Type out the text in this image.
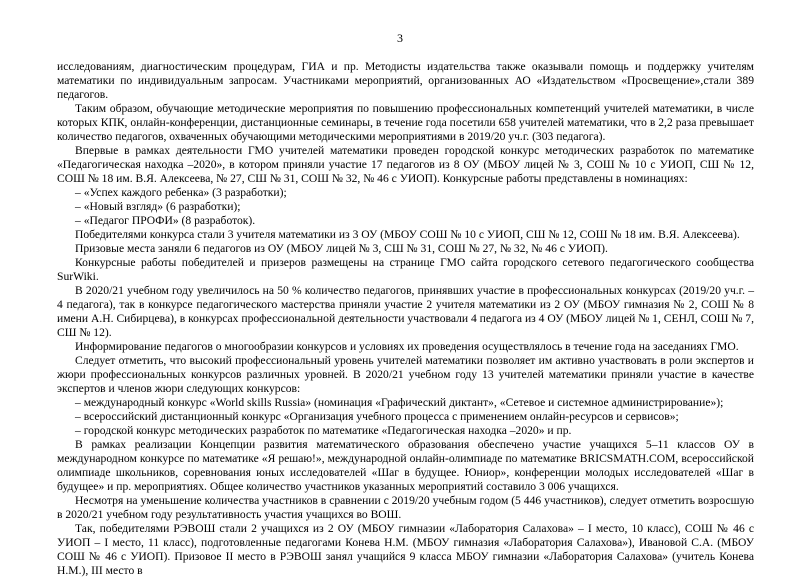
3

исследованиям, диагностическим процедурам, ГИА и пр. Методисты издательства также оказывали помощь и поддержку учителям математики по индивидуальным запросам. Участниками мероприятий, организованных АО «Издательством «Просвещение»,стали 389 педагогов.

Таким образом, обучающие методические мероприятия по повышению профессиональных компетенций учителей математики, в числе которых КПК, онлайн-конференции, дистанционные семинары, в течение года посетили 658 учителей математики, что в 2,2 раза превышает количество педагогов, охваченных обучающими методическими мероприятиями в 2019/20 уч.г. (303 педагога).

Впервые в рамках деятельности ГМО учителей математики проведен городской конкурс методических разработок по математике «Педагогическая находка –2020», в котором приняли участие 17 педагогов из 8 ОУ (МБОУ лицей № 3, СОШ № 10 с УИОП, СШ № 12, СОШ № 18 им. В.Я. Алексеева, № 27, СШ № 31, СОШ № 32, № 46 с УИОП). Конкурсные работы представлены в номинациях:

– «Успех каждого ребенка» (3 разработки);

– «Новый взгляд» (6 разработки);

– «Педагог ПРОФИ» (8 разработок).

Победителями конкурса стали 3 учителя математики из 3 ОУ (МБОУ СОШ № 10 с УИОП, СШ № 12, СОШ № 18 им. В.Я. Алексеева).

Призовые места заняли 6 педагогов из ОУ (МБОУ лицей № 3, СШ № 31, СОШ № 27, № 32, № 46 с УИОП).

Конкурсные работы победителей и призеров размещены на странице ГМО сайта городского сетевого педагогического сообщества SurWiki.

В 2020/21 учебном году увеличилось на 50 % количество педагогов, принявших участие в профессиональных конкурсах (2019/20 уч.г. – 4 педагога), так в конкурсе педагогического мастерства приняли участие 2 учителя математики из 2 ОУ (МБОУ гимназия № 2, СОШ № 8 имени А.Н. Сибирцева), в конкурсах профессиональной деятельности участвовали 4 педагога из 4 ОУ (МБОУ лицей № 1, СЕНЛ, СОШ № 7, СШ № 12).

Информирование педагогов о многообразии конкурсов и условиях их проведения осуществлялось в течение года на заседаниях ГМО.

Следует отметить, что высокий профессиональный уровень учителей математики позволяет им активно участвовать в роли экспертов и жюри профессиональных конкурсов различных уровней. В 2020/21 учебном году 13 учителей математики приняли участие в качестве экспертов и членов жюри следующих конкурсов:

– международный конкурс «World skills Russia» (номинация «Графический диктант», «Сетевое и системное администрирование»);

– всероссийский дистанционный конкурс «Организация учебного процесса с применением онлайн-ресурсов и сервисов»;

– городской конкурс методических разработок по математике «Педагогическая находка –2020» и пр.

В рамках реализации Концепции развития математического образования обеспечено участие учащихся 5–11 классов ОУ в международном конкурсе по математике «Я решаю!», международной онлайн-олимпиаде по математике BRICSMATH.COM, всероссийской олимпиаде школьников, соревнования юных исследователей «Шаг в будущее. Юниор», конференции молодых исследователей «Шаг в будущее» и пр. мероприятиях. Общее количество участников указанных мероприятий составило 3 006 учащихся.

Несмотря на уменьшение количества участников в сравнении с 2019/20 учебным годом (5 446 участников), следует отметить возросшую в 2020/21 учебном году результативность участия учащихся во ВОШ.

Так, победителями РЭВОШ стали 2 учащихся из 2 ОУ (МБОУ гимназии «Лаборатория Салахова» – I место, 10 класс), СОШ № 46 с УИОП – I место, 11 класс), подготовленные педагогами Конева Н.М. (МБОУ гимназия «Лаборатория Салахова»), Ивановой С.А. (МБОУ СОШ № 46 с УИОП). Призовое II место в РЭВОШ занял учащийся 9 класса МБОУ гимназии «Лаборатория Салахова» (учитель Конева Н.М.), III место в
